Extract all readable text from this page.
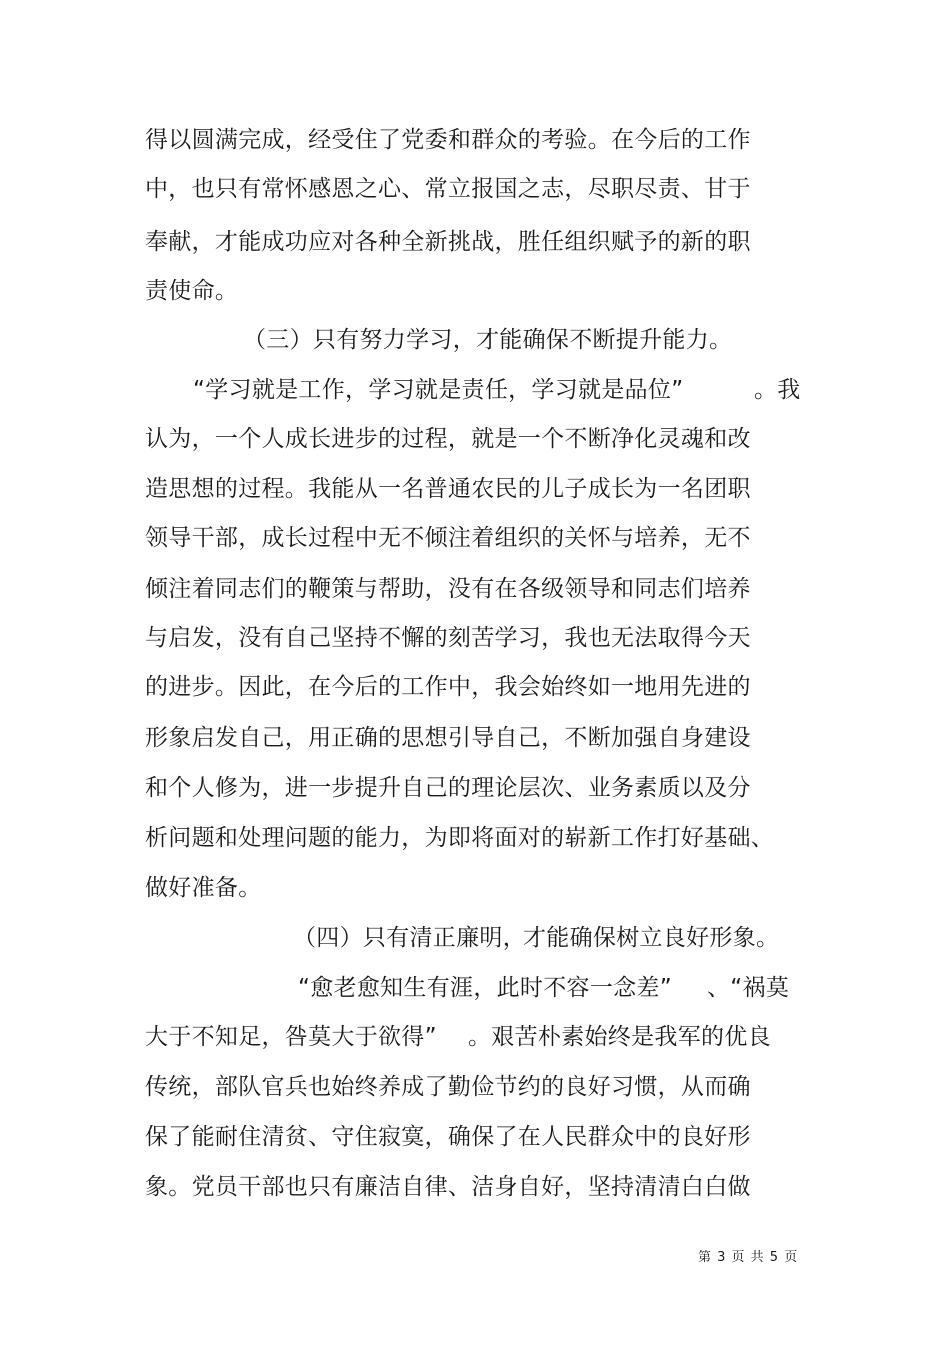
得以圆满完成，经受住了党委和群众的考验。在今后的工作
中，也只有常怀感恩之心、常立报国之志，尽职尽责、甘于
奉献，才能成功应对各种全新挑战，胜任组织赋予的新的职
责使命。
（三）只有努力学习，才能确保不断提升能力。
“学习就是工作，学习就是责任，学习就是品位”	。我
认为，一个人成长进步的过程，就是一个不断净化灵魂和改
造思想的过程。我能从一名普通农民的儿子成长为一名团职
领导干部，成长过程中无不倾注着组织的关怀与培养，无不
倾注着同志们的鞭策与帮助，没有在各级领导和同志们培养
与启发，没有自己坚持不懈的刻苦学习，我也无法取得今天
的进步。因此，在今后的工作中，我会始终如一地用先进的
形象启发自己，用正确的思想引导自己，不断加强自身建设
和个人修为，进一步提升自己的理论层次、业务素质以及分
析问题和处理问题的能力，为即将面对的崭新工作打好基础、
做好准备。
（四）只有清正廉明，
才能确保树立良好形象。
“愈老愈知生有涯，此时不容一念差” 、“祸莫
大于不知足，咎莫大于欲得” 。艰苦朴素始终是我军的优良
传统，部队官兵也始终养成了勤俭节约的良好习惯，从而确
保了能耐住清贫、守住寂寞，确保了在人民群众中的良好形
象。党员干部也只有廉洁自律、洁身自好，坚持清清白白做
第 3 页 共 5 页
